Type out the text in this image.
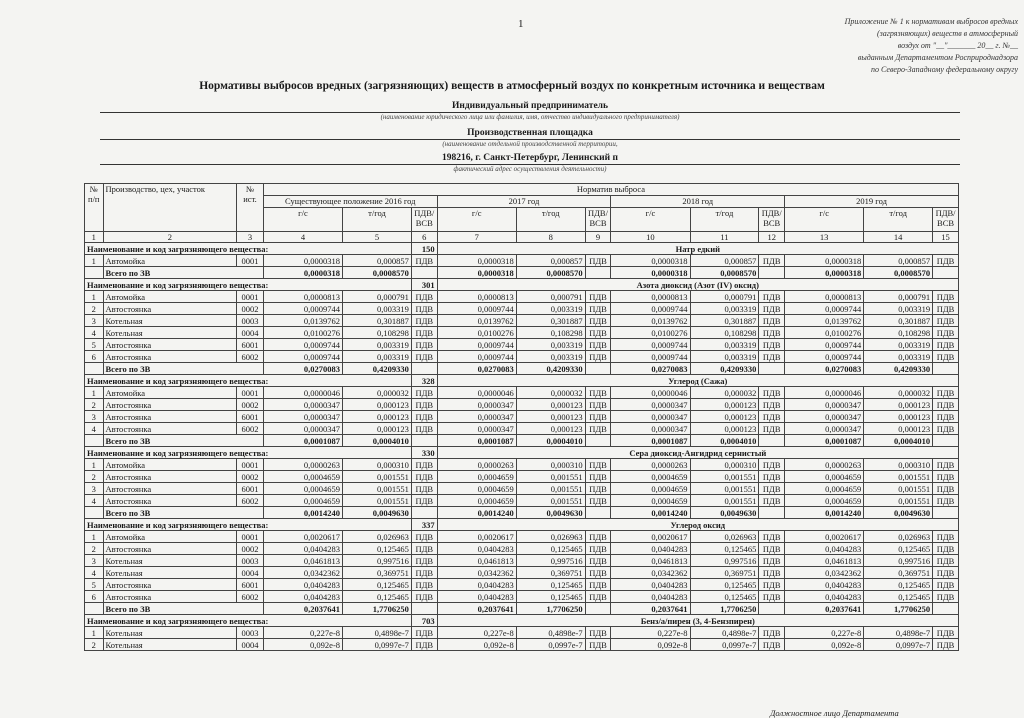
1	Приложение № 1 к нормативам выбросов вредных
(загрязняющих) веществ в атмосферный
воздух от "__"_______ 20__ г. №__
выданным Департаментом Росприроднадзора
по Северо-Западному федеральному округу
Нормативы выбросов вредных (загрязняющих) веществ в атмосферный воздух по конкретным источника и веществам
Индивидуальный предприниматель
(наименование юридического лица или фамилия, имя, отчество индивидуального предпринимателя)
Производственная площадка
(наименование отдельной производственной территории,
198216, г. Санкт-Петербург, Ленинский п
фактический адрес осуществления деятельности)
№ п/п	Производство, цех, участок	№ ист.	Норматив выброса											
			Существующее положение 2016 год			2017 год			2018 год			2019 год		
			г/с	т/год	ПДВ/ ВСВ	г/с	т/год	ПДВ/ ВСВ	г/с	т/год	ПДВ/ ВСВ	г/с	т/год	ПДВ/ ВСВ
1	2	3	4	5	6	7	8	9	10	11	12	13	14	15
Наименование и код загрязняющего вещества:					150	Натр едкий								
1	Автомойка	0001	0,0000318	0,000857	ПДВ	0,0000318	0,000857	ПДВ	0,0000318	0,000857	ПДВ	0,0000318	0,000857	ПДВ
	Всего по ЗВ		0,0000318	0,0008570		0,0000318	0,0008570		0,0000318	0,0008570		0,0000318	0,0008570	
Наименование и код загрязняющего вещества:					301	Азота диоксид (Азот (IV) оксид)								
1	Автомойка	0001	0,0000813	0,000791	ПДВ	0,0000813	0,000791	ПДВ	0,0000813	0,000791	ПДВ	0,0000813	0,000791	ПДВ
2	Автостоянка	0002	0,0009744	0,003319	ПДВ	0,0009744	0,003319	ПДВ	0,0009744	0,003319	ПДВ	0,0009744	0,003319	ПДВ
3	Котельная	0003	0,0139762	0,301887	ПДВ	0,0139762	0,301887	ПДВ	0,0139762	0,301887	ПДВ	0,0139762	0,301887	ПДВ
4	Котельная	0004	0,0100276	0,108298	ПДВ	0,0100276	0,108298	ПДВ	0,0100276	0,108298	ПДВ	0,0100276	0,108298	ПДВ
5	Автостоянка	6001	0,0009744	0,003319	ПДВ	0,0009744	0,003319	ПДВ	0,0009744	0,003319	ПДВ	0,0009744	0,003319	ПДВ
6	Автостоянка	6002	0,0009744	0,003319	ПДВ	0,0009744	0,003319	ПДВ	0,0009744	0,003319	ПДВ	0,0009744	0,003319	ПДВ
	Всего по ЗВ		0,0270083	0,4209330		0,0270083	0,4209330		0,0270083	0,4209330		0,0270083	0,4209330	
Наименование и код загрязняющего вещества:					328	Углерод (Сажа)								
1	Автомойка	0001	0,0000046	0,000032	ПДВ	0,0000046	0,000032	ПДВ	0,0000046	0,000032	ПДВ	0,0000046	0,000032	ПДВ
2	Автостоянка	0002	0,0000347	0,000123	ПДВ	0,0000347	0,000123	ПДВ	0,0000347	0,000123	ПДВ	0,0000347	0,000123	ПДВ
3	Автостоянка	6001	0,0000347	0,000123	ПДВ	0,0000347	0,000123	ПДВ	0,0000347	0,000123	ПДВ	0,0000347	0,000123	ПДВ
4	Автостоянка	6002	0,0000347	0,000123	ПДВ	0,0000347	0,000123	ПДВ	0,0000347	0,000123	ПДВ	0,0000347	0,000123	ПДВ
	Всего по ЗВ		0,0001087	0,0004010		0,0001087	0,0004010		0,0001087	0,0004010		0,0001087	0,0004010	
Наименование и код загрязняющего вещества:					330	Сера диоксид-Ангидрид сернистый								
1	Автомойка	0001	0,0000263	0,000310	ПДВ	0,0000263	0,000310	ПДВ	0,0000263	0,000310	ПДВ	0,0000263	0,000310	ПДВ
2	Автостоянка	0002	0,0004659	0,001551	ПДВ	0,0004659	0,001551	ПДВ	0,0004659	0,001551	ПДВ	0,0004659	0,001551	ПДВ
3	Автостоянка	6001	0,0004659	0,001551	ПДВ	0,0004659	0,001551	ПДВ	0,0004659	0,001551	ПДВ	0,0004659	0,001551	ПДВ
4	Автостоянка	6002	0,0004659	0,001551	ПДВ	0,0004659	0,001551	ПДВ	0,0004659	0,001551	ПДВ	0,0004659	0,001551	ПДВ
	Всего по ЗВ		0,0014240	0,0049630		0,0014240	0,0049630		0,0014240	0,0049630		0,0014240	0,0049630	
Наименование и код загрязняющего вещества:					337	Углерод оксид								
1	Автомойка	0001	0,0020617	0,026963	ПДВ	0,0020617	0,026963	ПДВ	0,0020617	0,026963	ПДВ	0,0020617	0,026963	ПДВ
2	Автостоянка	0002	0,0404283	0,125465	ПДВ	0,0404283	0,125465	ПДВ	0,0404283	0,125465	ПДВ	0,0404283	0,125465	ПДВ
3	Котельная	0003	0,0461813	0,997516	ПДВ	0,0461813	0,997516	ПДВ	0,0461813	0,997516	ПДВ	0,0461813	0,997516	ПДВ
4	Котельная	0004	0,0342362	0,369751	ПДВ	0,0342362	0,369751	ПДВ	0,0342362	0,369751	ПДВ	0,0342362	0,369751	ПДВ
5	Автостоянка	6001	0,0404283	0,125465	ПДВ	0,0404283	0,125465	ПДВ	0,0404283	0,125465	ПДВ	0,0404283	0,125465	ПДВ
6	Автостоянка	6002	0,0404283	0,125465	ПДВ	0,0404283	0,125465	ПДВ	0,0404283	0,125465	ПДВ	0,0404283	0,125465	ПДВ
	Всего по ЗВ		0,2037641	1,7706250		0,2037641	1,7706250		0,2037641	1,7706250		0,2037641	1,7706250	
Наименование и код загрязняющего вещества:					703	Бенз/а/пирен (3, 4-Бензпирен)								
1	Котельная	0003	0,227e-8	0,4898e-7	ПДВ	0,227e-8	0,4898e-7	ПДВ	0,227e-8	0,4898e-7	ПДВ	0,227e-8	0,4898e-7	ПДВ
2	Котельная	0004	0,092e-8	0,0997e-7	ПДВ	0,092e-8	0,0997e-7	ПДВ	0,092e-8	0,0997e-7	ПДВ	0,092e-8	0,0997e-7	ПДВ
Должностное лицо Департамента
